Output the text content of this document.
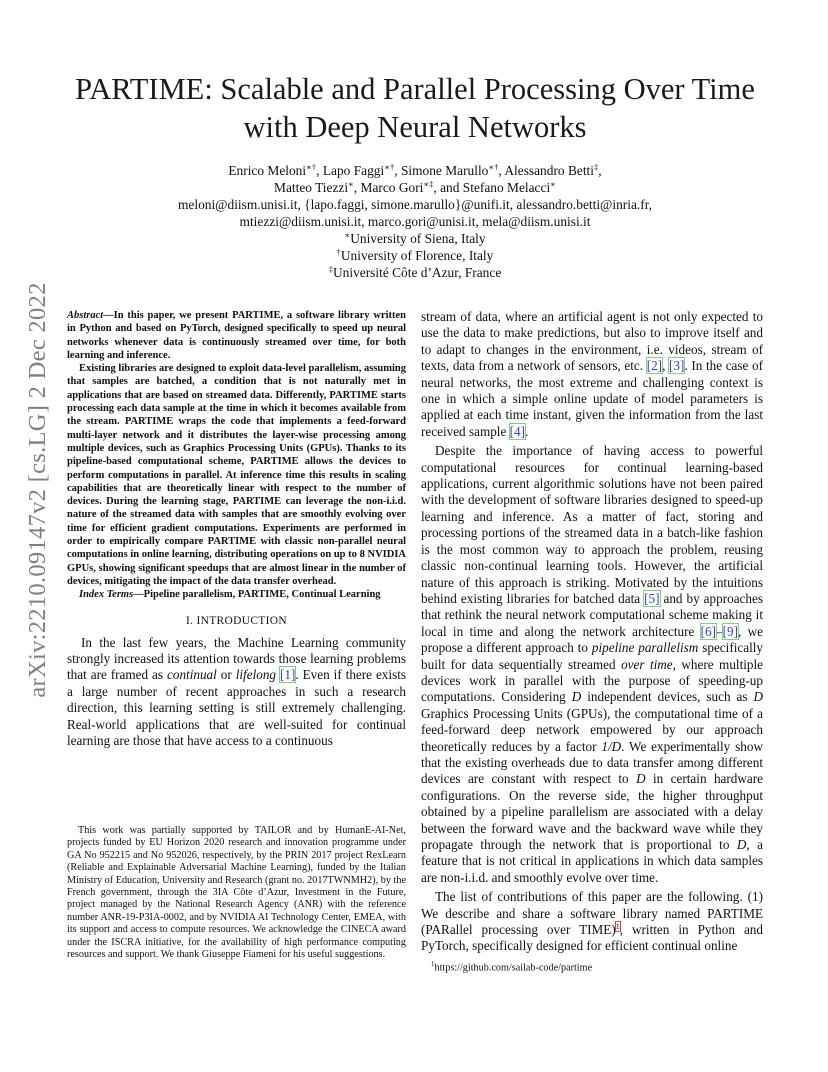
PARTIME: Scalable and Parallel Processing Over Time with Deep Neural Networks
Enrico Meloni∗†, Lapo Faggi∗†, Simone Marullo∗†, Alessandro Betti‡,
Matteo Tiezzi∗, Marco Gori∗‡, and Stefano Melacci∗
meloni@diism.unisi.it, {lapo.faggi, simone.marullo}@unifi.it, alessandro.betti@inria.fr,
mtiezzi@diism.unisi.it, marco.gori@unisi.it, mela@diism.unisi.it
∗University of Siena, Italy
†University of Florence, Italy
‡Université Côte d’Azur, France
arXiv:2210.09147v2 [cs.LG] 2 Dec 2022 Abstract—In this paper, we present PARTIME, a software library written in Python and based on PyTorch, designed specifically to speed up neural networks whenever data is continuously streamed over time, for both learning and inference.

Existing libraries are designed to exploit data-level parallelism, assuming that samples are batched, a condition that is not naturally met in applications that are based on streamed data. Differently, PARTIME starts processing each data sample at the time in which it becomes available from the stream. PARTIME wraps the code that implements a feed-forward multi-layer network and it distributes the layer-wise processing among multiple devices, such as Graphics Processing Units (GPUs). Thanks to its pipeline-based computational scheme, PARTIME allows the devices to perform computations in parallel. At inference time this results in scaling capabilities that are theoretically linear with respect to the number of devices. During the learning stage, PARTIME can leverage the non-i.i.d. nature of the streamed data with samples that are smoothly evolving over time for efficient gradient computations. Experiments are performed in order to empirically compare PARTIME with classic non-parallel neural computations in online learning, distributing operations on up to 8 NVIDIA GPUs, showing significant speedups that are almost linear in the number of devices, mitigating the impact of the data transfer overhead.

Index Terms—Pipeline parallelism, PARTIME, Continual Learning

I. INTRODUCTION

In the last few years, the Machine Learning community strongly increased its attention towards those learning problems that are framed as continual or lifelong [1]. Even if there exists a large number of recent approaches in such a research direction, this learning setting is still extremely challenging. Real-world applications that are well-suited for continual learning are those that have access to a continuous

This work was partially supported by TAILOR and by HumanE-AI-Net, projects funded by EU Horizon 2020 research and innovation programme under GA No 952215 and No 952026, respectively, by the PRIN 2017 project RexLearn (Reliable and Explainable Adversarial Machine Learning), funded by the Italian Ministry of Education, University and Research (grant no. 2017TWNMH2), by the French government, through the 3IA Côte d’Azur, Investment in the Future, project managed by the National Research Agency (ANR) with the reference number ANR-19-P3IA-0002, and by NVIDIA AI Technology Center, EMEA, with its support and access to compute resources. We acknowledge the CINECA award under the ISCRA initiative, for the availability of high performance computing resources and support. We thank Giuseppe Fiameni for his useful suggestions.

stream of data, where an artificial agent is not only expected to use the data to make predictions, but also to improve itself and to adapt to changes in the environment, i.e. videos, stream of texts, data from a network of sensors, etc. [2], [3]. In the case of neural networks, the most extreme and challenging context is one in which a simple online update of model parameters is applied at each time instant, given the information from the last received sample [4].

Despite the importance of having access to powerful computational resources for continual learning-based applications, current algorithmic solutions have not been paired with the development of software libraries designed to speed-up learning and inference. As a matter of fact, storing and processing portions of the streamed data in a batch-like fashion is the most common way to approach the problem, reusing classic non-continual learning tools. However, the artificial nature of this approach is striking. Motivated by the intuitions behind existing libraries for batched data [5] and by approaches that rethink the neural network computational scheme making it local in time and along the network architecture [6]–[9], we propose a different approach to pipeline parallelism specifically built for data sequentially streamed over time, where multiple devices work in parallel with the purpose of speeding-up computations. Considering D independent devices, such as D Graphics Processing Units (GPUs), the computational time of a feed-forward deep network empowered by our approach theoretically reduces by a factor 1/D. We experimentally show that the existing overheads due to data transfer among different devices are constant with respect to D in certain hardware configurations. On the reverse side, the higher throughput obtained by a pipeline parallelism are associated with a delay between the forward wave and the backward wave while they propagate through the network that is proportional to D, a feature that is not critical in applications in which data samples are non-i.i.d. and smoothly evolve over time.

The list of contributions of this paper are the following. (1) We describe and share a software library named PARTIME (PARallel processing over TIME)$^1$, written in Python and PyTorch, specifically designed for efficient continual online

$^1$https://github.com/sailab-code/partime
